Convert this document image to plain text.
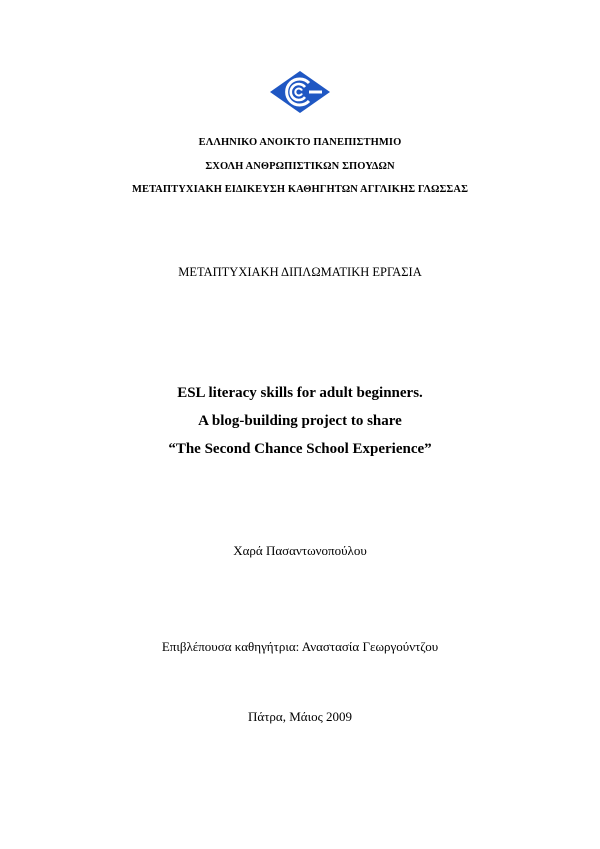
ΕΛΛΗΝΙΚΟ ΑΝΟΙΚΤΟ ΠΑΝΕΠΙΣΤΗΜΙΟ
ΣΧΟΛΗ ΑΝΘΡΩΠΙΣΤΙΚΩΝ ΣΠΟΥΔΩΝ
ΜΕΤΑΠΤΥΧΙΑΚΗ ΕΙΔΙΚΕΥΣΗ ΚΑΘΗΓΗΤΩΝ ΑΓΓΛΙΚΗΣ ΓΛΩΣΣΑΣ
ΜΕΤΑΠΤΥΧΙΑΚΗ ΔΙΠΛΩΜΑΤΙΚΗ ΕΡΓΑΣΙΑ
ESL literacy skills for adult beginners.
A blog-building project to share
“The Second Chance School Experience”
Χαρά Πασαντωνοπούλου
Επιβλέπουσα καθηγήτρια: Αναστασία Γεωργούντζου
Πάτρα, Μάιος 2009
